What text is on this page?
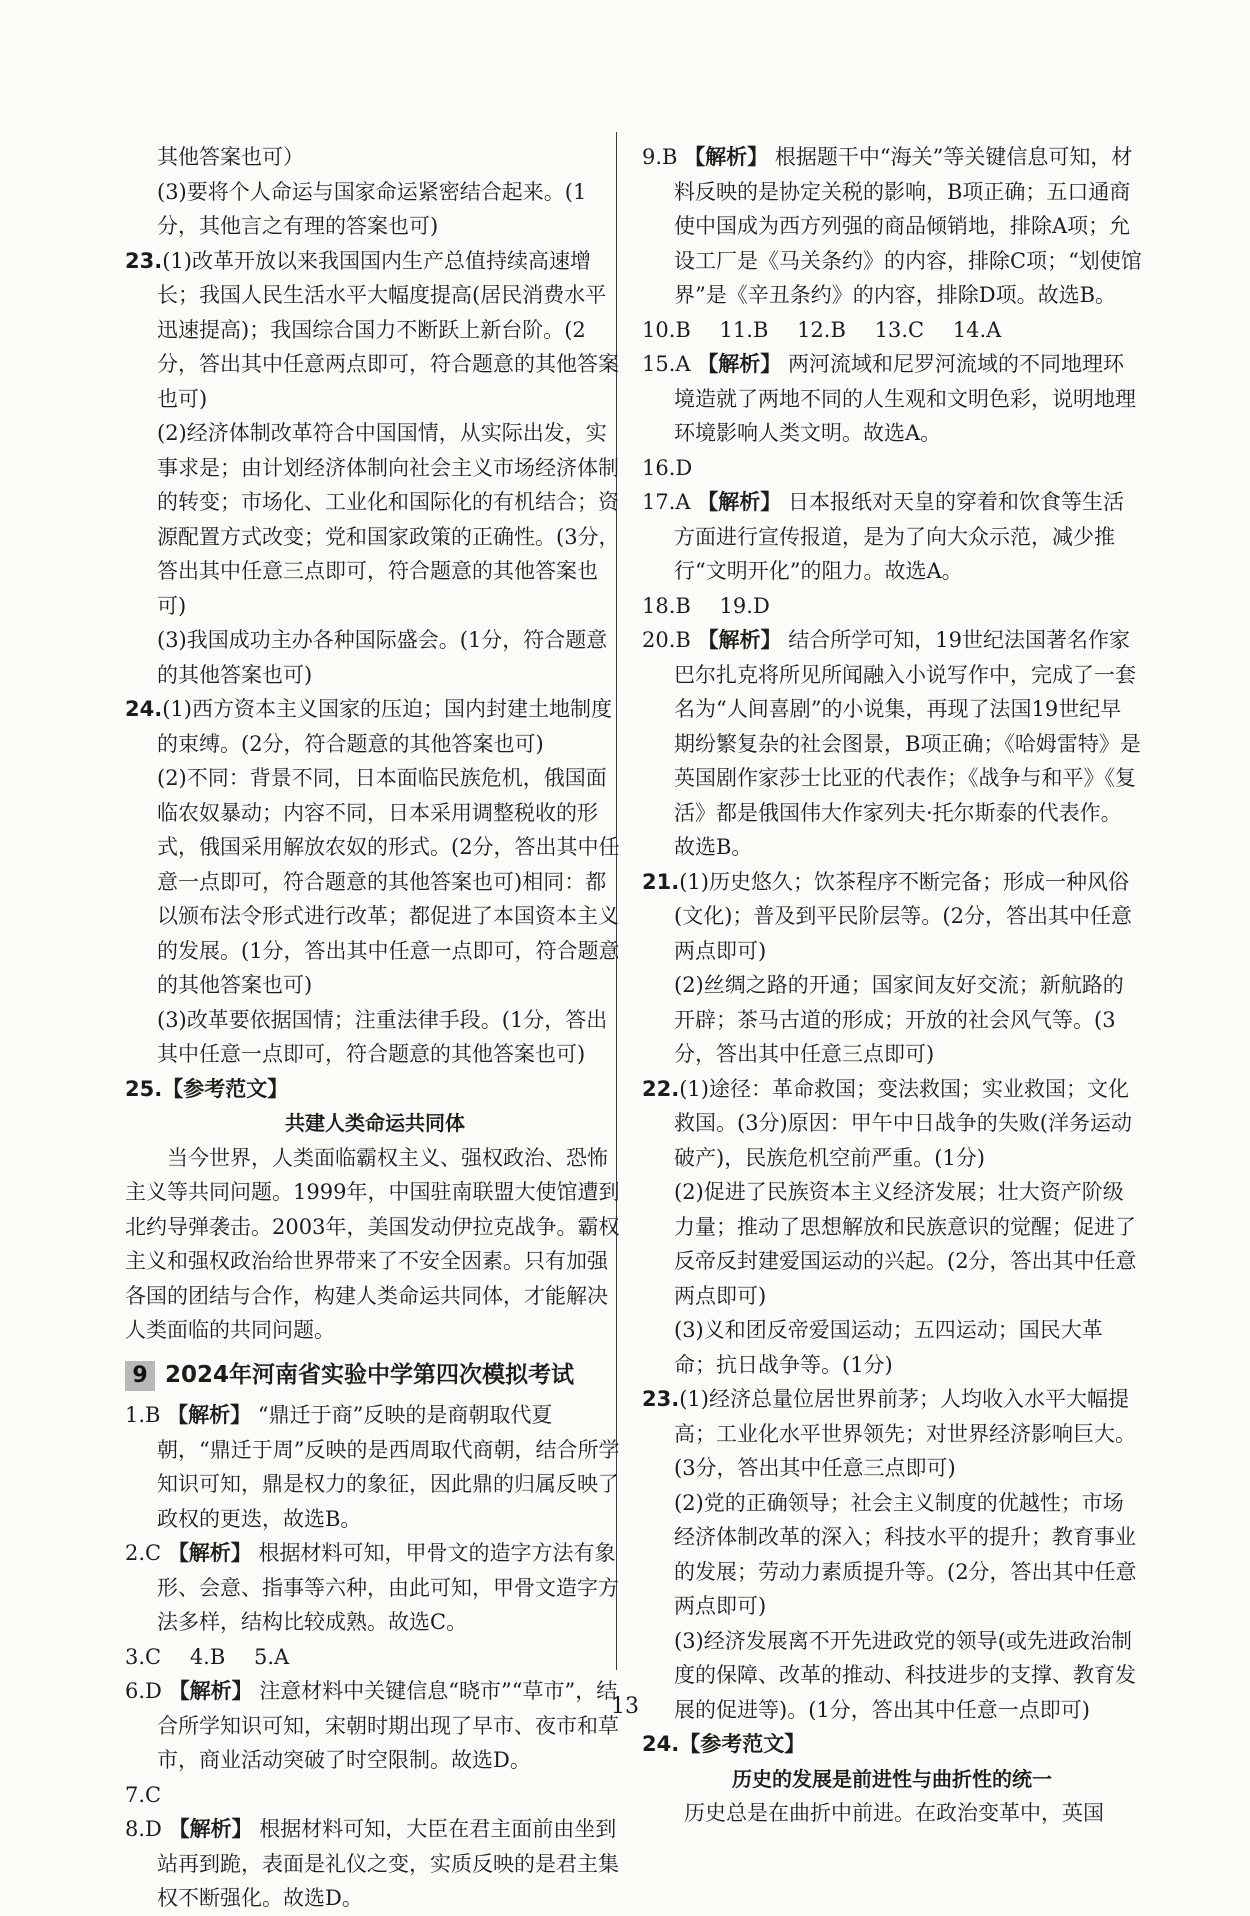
其他答案也可）
(3)要将个人命运与国家命运紧密结合起来。(1分，其他言之有理的答案也可)
23.(1)改革开放以来我国国内生产总值持续高速增长；我国人民生活水平大幅度提高(居民消费水平迅速提高)；我国综合国力不断跃上新台阶。(2分，答出其中任意两点即可，符合题意的其他答案也可)
(2)经济体制改革符合中国国情，从实际出发，实事求是；由计划经济体制向社会主义市场经济体制的转变；市场化、工业化和国际化的有机结合；资源配置方式改变；党和国家政策的正确性。(3分，答出其中任意三点即可，符合题意的其他答案也可)
(3)我国成功主办各种国际盛会。(1分，符合题意的其他答案也可)
24.(1)西方资本主义国家的压迫；国内封建土地制度的束缚。(2分，符合题意的其他答案也可)
(2)不同：背景不同，日本面临民族危机，俄国面临农奴暴动；内容不同，日本采用调整税收的形式，俄国采用解放农奴的形式。(2分，答出其中任意一点即可，符合题意的其他答案也可)相同：都以颁布法令形式进行改革；都促进了本国资本主义的发展。(1分，答出其中任意一点即可，符合题意的其他答案也可)
(3)改革要依据国情；注重法律手段。(1分，答出其中任意一点即可，符合题意的其他答案也可)
25.【参考范文】
共建人类命运共同体
当今世界，人类面临霸权主义、强权政治、恐怖主义等共同问题。1999年，中国驻南联盟大使馆遭到北约导弹袭击。2003年，美国发动伊拉克战争。霸权主义和强权政治给世界带来了不安全因素。只有加强各国的团结与合作，构建人类命运共同体，才能解决人类面临的共同问题。
9 2024年河南省实验中学第四次模拟考试
1.B 【解析】 “鼎迁于商”反映的是商朝取代夏朝，“鼎迁于周”反映的是西周取代商朝，结合所学知识可知，鼎是权力的象征，因此鼎的归属反映了政权的更迭，故选B。
2.C 【解析】 根据材料可知，甲骨文的造字方法有象形、会意、指事等六种，由此可知，甲骨文造字方法多样，结构比较成熟。故选C。
3.C 4.B 5.A
6.D 【解析】 注意材料中关键信息“晓市”“草市”，结合所学知识可知，宋朝时期出现了早市、夜市和草市，商业活动突破了时空限制。故选D。
7.C
8.D 【解析】 根据材料可知，大臣在君主面前由坐到站再到跪，表面是礼仪之变，实质反映的是君主集权不断强化。故选D。
9.B 【解析】 根据题干中“海关”等关键信息可知，材料反映的是协定关税的影响，B项正确；五口通商使中国成为西方列强的商品倾销地，排除A项；允设工厂是《马关条约》的内容，排除C项；“划使馆界”是《辛丑条约》的内容，排除D项。故选B。
10.B 11.B 12.B 13.C 14.A
15.A 【解析】 两河流域和尼罗河流域的不同地理环境造就了两地不同的人生观和文明色彩，说明地理环境影响人类文明。故选A。
16.D
17.A 【解析】 日本报纸对天皇的穿着和饮食等生活方面进行宣传报道，是为了向大众示范，减少推行“文明开化”的阻力。故选A。
18.B 19.D
20.B 【解析】 结合所学可知，19世纪法国著名作家巴尔扎克将所见所闻融入小说写作中，完成了一套名为“人间喜剧”的小说集，再现了法国19世纪早期纷繁复杂的社会图景，B项正确；《哈姆雷特》是英国剧作家莎士比亚的代表作；《战争与和平》《复活》都是俄国伟大作家列夫·托尔斯泰的代表作。故选B。
21.(1)历史悠久；饮茶程序不断完备；形成一种风俗(文化)；普及到平民阶层等。(2分，答出其中任意两点即可)
(2)丝绸之路的开通；国家间友好交流；新航路的开辟；茶马古道的形成；开放的社会风气等。(3分，答出其中任意三点即可)
22.(1)途径：革命救国；变法救国；实业救国；文化救国。(3分)原因：甲午中日战争的失败(洋务运动破产)，民族危机空前严重。(1分)
(2)促进了民族资本主义经济发展；壮大资产阶级力量；推动了思想解放和民族意识的觉醒；促进了反帝反封建爱国运动的兴起。(2分，答出其中任意两点即可)
(3)义和团反帝爱国运动；五四运动；国民大革命；抗日战争等。(1分)
23.(1)经济总量位居世界前茅；人均收入水平大幅提高；工业化水平世界领先；对世界经济影响巨大。(3分，答出其中任意三点即可)
(2)党的正确领导；社会主义制度的优越性；市场经济体制改革的深入；科技水平的提升；教育事业的发展；劳动力素质提升等。(2分，答出其中任意两点即可)
(3)经济发展离不开先进政党的领导(或先进政治制度的保障、改革的推动、科技进步的支撑、教育发展的促进等)。(1分，答出其中任意一点即可)
24.【参考范文】
历史的发展是前进性与曲折性的统一
历史总是在曲折中前进。在政治变革中，英国
13
